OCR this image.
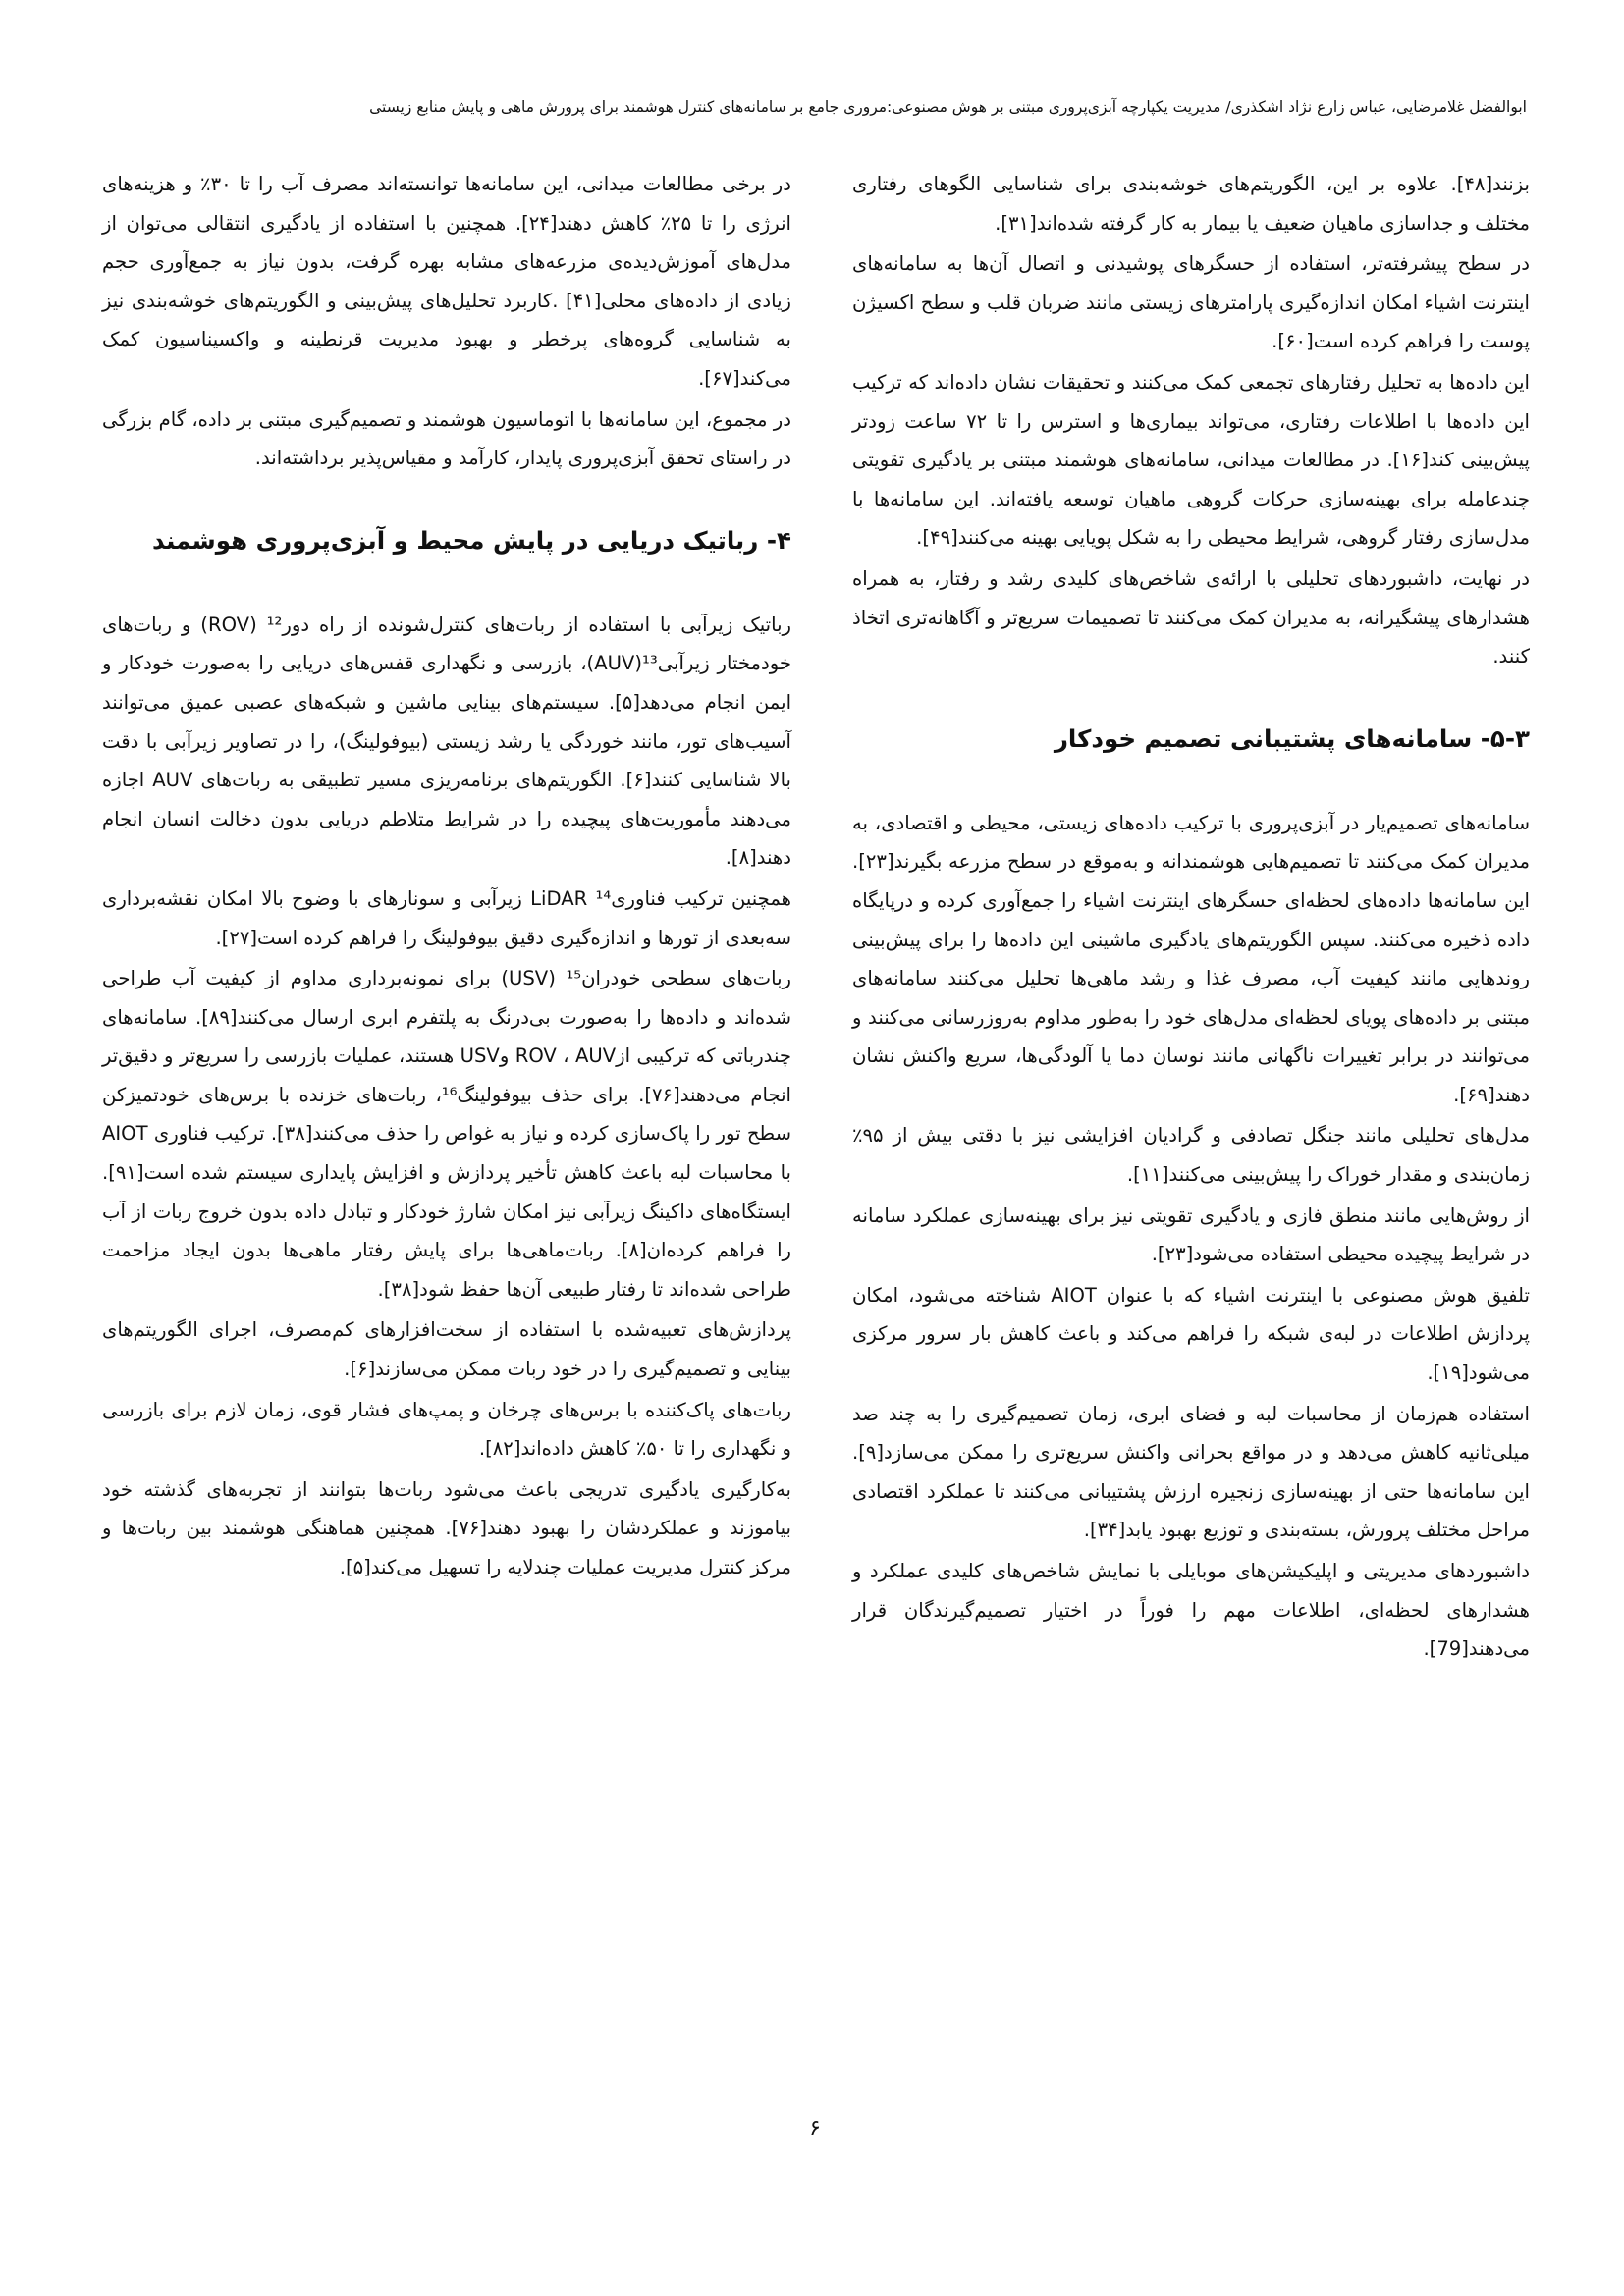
ابوالفضل غلامرضایی، عباس زارع نژاد اشکذری/ مدیریت یکپارچه آبزی‌پروری مبتنی بر هوش مصنوعی:مروری جامع بر سامانه‌های کنترل هوشمند برای پرورش ماهی و پایش منابع زیستی

بزنند[۴۸]. علاوه بر این، الگوریتم‌های خوشه‌بندی برای شناسایی الگوهای رفتاری مختلف و جداسازی ماهیان ضعیف یا بیمار به کار گرفته شده‌اند[۳۱].

در سطح پیشرفته‌تر، استفاده از حسگرهای پوشیدنی و اتصال آن‌ها به سامانه‌های اینترنت اشیاء امکان اندازه‌گیری پارامترهای زیستی مانند ضربان قلب و سطح اکسیژن پوست را فراهم کرده است[۶۰].

این داده‌ها به تحلیل رفتارهای تجمعی کمک می‌کنند و تحقیقات نشان داده‌اند که ترکیب این داده‌ها با اطلاعات رفتاری، می‌تواند بیماری‌ها و استرس را تا ۷۲ ساعت زودتر پیش‌بینی کند[۱۶]. در مطالعات میدانی، سامانه‌های هوشمند مبتنی بر یادگیری تقویتی چندعامله برای بهینه‌سازی حرکات گروهی ماهیان توسعه یافته‌اند. این سامانه‌ها با مدل‌سازی رفتار گروهی، شرایط محیطی را به شکل پویایی بهینه می‌کنند[۴۹].

در نهایت، داشبوردهای تحلیلی با ارائه‌ی شاخص‌های کلیدی رشد و رفتار، به همراه هشدارهای پیشگیرانه، به مدیران کمک می‌کنند تا تصمیمات سریع‌تر و آگاهانه‌تری اتخاذ کنند.

۵-۳- سامانه‌های پشتیبانی تصمیم خودکار

سامانه‌های تصمیم‌یار در آبزی‌پروری با ترکیب داده‌های زیستی، محیطی و اقتصادی، به مدیران کمک می‌کنند تا تصمیم‌هایی هوشمندانه و به‌موقع در سطح مزرعه بگیرند[۲۳]. این سامانه‌ها داده‌های لحظه‌ای حسگرهای اینترنت اشیاء را جمع‌آوری کرده و درپایگاه داده ذخیره می‌کنند. سپس الگوریتم‌های یادگیری ماشینی این داده‌ها را برای پیش‌بینی روندهایی مانند کیفیت آب، مصرف غذا و رشد ماهی‌ها تحلیل می‌کنند سامانه‌های مبتنی بر داده‌های پویای لحظه‌ای مدل‌های خود را به‌طور مداوم به‌روزرسانی می‌کنند و می‌توانند در برابر تغییرات ناگهانی مانند نوسان دما یا آلودگی‌ها، سریع واکنش نشان دهند[۶۹].

مدل‌های تحلیلی مانند جنگل تصادفی و گرادیان افزایشی نیز با دقتی بیش از ۹۵٪ زمان‌بندی و مقدار خوراک را پیش‌بینی می‌کنند[۱۱].

از روش‌هایی مانند منطق فازی و یادگیری تقویتی نیز برای بهینه‌سازی عملکرد سامانه در شرایط پیچیده محیطی استفاده می‌شود[۲۳].

تلفیق هوش مصنوعی با اینترنت اشیاء که با عنوان AIOT شناخته می‌شود، امکان پردازش اطلاعات در لبه‌ی شبکه را فراهم می‌کند و باعث کاهش بار سرور مرکزی می‌شود[۱۹].

استفاده هم‌زمان از محاسبات لبه و فضای ابری، زمان تصمیم‌گیری را به چند صد میلی‌ثانیه کاهش می‌دهد و در مواقع بحرانی واکنش سریع‌تری را ممکن می‌سازد[۹]. این سامانه‌ها حتی از بهینه‌سازی زنجیره ارزش پشتیبانی می‌کنند تا عملکرد اقتصادی مراحل مختلف پرورش، بسته‌بندی و توزیع بهبود یابد[۳۴].

داشبوردهای مدیریتی و اپلیکیشن‌های موبایلی با نمایش شاخص‌های کلیدی عملکرد و هشدارهای لحظه‌ای، اطلاعات مهم را فوراً در اختیار تصمیم‌گیرندگان قرار می‌دهند[79].

در برخی مطالعات میدانی، این سامانه‌ها توانسته‌اند مصرف آب را تا ۳۰٪ و هزینه‌های انرژی را تا ۲۵٪ کاهش دهند[۲۴]. همچنین با استفاده از یادگیری انتقالی می‌توان از مدل‌های آموزش‌دیده‌ی مزرعه‌های مشابه بهره گرفت، بدون نیاز به جمع‌آوری حجم زیادی از داده‌های محلی[۴۱] .کاربرد تحلیل‌های پیش‌بینی و الگوریتم‌های خوشه‌بندی نیز به شناسایی گروه‌های پرخطر و بهبود مدیریت قرنطینه و واکسیناسیون کمک می‌کند[۶۷].

در مجموع، این سامانه‌ها با اتوماسیون هوشمند و تصمیم‌گیری مبتنی بر داده، گام بزرگی در راستای تحقق آبزی‌پروری پایدار، کارآمد و مقیاس‌پذیر برداشته‌اند.

۴- رباتیک دریایی در پایش محیط و آبزی‌پروری هوشمند

رباتیک زیرآبی با استفاده از ربات‌های کنترل‌شونده از راه دور¹² (ROV) و ربات‌های خودمختار زیرآبی¹³(AUV)، بازرسی و نگهداری قفس‌های دریایی را به‌صورت خودکار و ایمن انجام می‌دهد[۵]. سیستم‌های بینایی ماشین و شبکه‌های عصبی عمیق می‌توانند آسیب‌های تور، مانند خوردگی یا رشد زیستی (بیوفولینگ)، را در تصاویر زیرآبی با دقت بالا شناسایی کنند[۶]. الگوریتم‌های برنامه‌ریزی مسیر تطبیقی به ربات‌های AUV اجازه می‌دهند مأموریت‌های پیچیده را در شرایط متلاطم دریایی بدون دخالت انسان انجام دهند[۸].

همچنین ترکیب فناوریLiDAR ¹⁴ زیرآبی و سونارهای با وضوح بالا امکان نقشه‌برداری سه‌بعدی از تورها و اندازه‌گیری دقیق بیوفولینگ را فراهم کرده است[۲۷].

ربات‌های سطحی خودران¹⁵ (USV) برای نمونه‌برداری مداوم از کیفیت آب طراحی شده‌اند و داده‌ها را به‌صورت بی‌درنگ به پلتفرم ابری ارسال می‌کنند[۸۹]. سامانه‌های چندرباتی که ترکیبی ازROV ، AUV وUSV هستند، عملیات بازرسی را سریع‌تر و دقیق‌تر انجام می‌دهند[۷۶]. برای حذف بیوفولینگ¹⁶، ربات‌های خزنده با برس‌های خودتمیزکن سطح تور را پاک‌سازی کرده و نیاز به غواص را حذف می‌کنند[۳۸]. ترکیب فناوری AIOT با محاسبات لبه باعث کاهش تأخیر پردازش و افزایش پایداری سیستم شده است[۹۱]. ایستگاه‌های داکینگ زیرآبی نیز امکان شارژ خودکار و تبادل داده بدون خروج ربات از آب را فراهم کرده‌ان[۸]. ربات‌ماهی‌ها برای پایش رفتار ماهی‌ها بدون ایجاد مزاحمت طراحی شده‌اند تا رفتار طبیعی آن‌ها حفظ شود[۳۸].

پردازش‌های تعبیه‌شده با استفاده از سخت‌افزارهای کم‌مصرف، اجرای الگوریتم‌های بینایی و تصمیم‌گیری را در خود ربات ممکن می‌سازند[۶].

ربات‌های پاک‌کننده با برس‌های چرخان و پمپ‌های فشار قوی، زمان لازم برای بازرسی و نگهداری را تا ۵۰٪ کاهش داده‌اند[۸۲].

به‌کارگیری یادگیری تدریجی باعث می‌شود ربات‌ها بتوانند از تجربه‌های گذشته خود بیاموزند و عملکردشان را بهبود دهند[۷۶]. همچنین هماهنگی هوشمند بین ربات‌ها و مرکز کنترل مدیریت عملیات چندلایه را تسهیل می‌کند[۵].

۶
